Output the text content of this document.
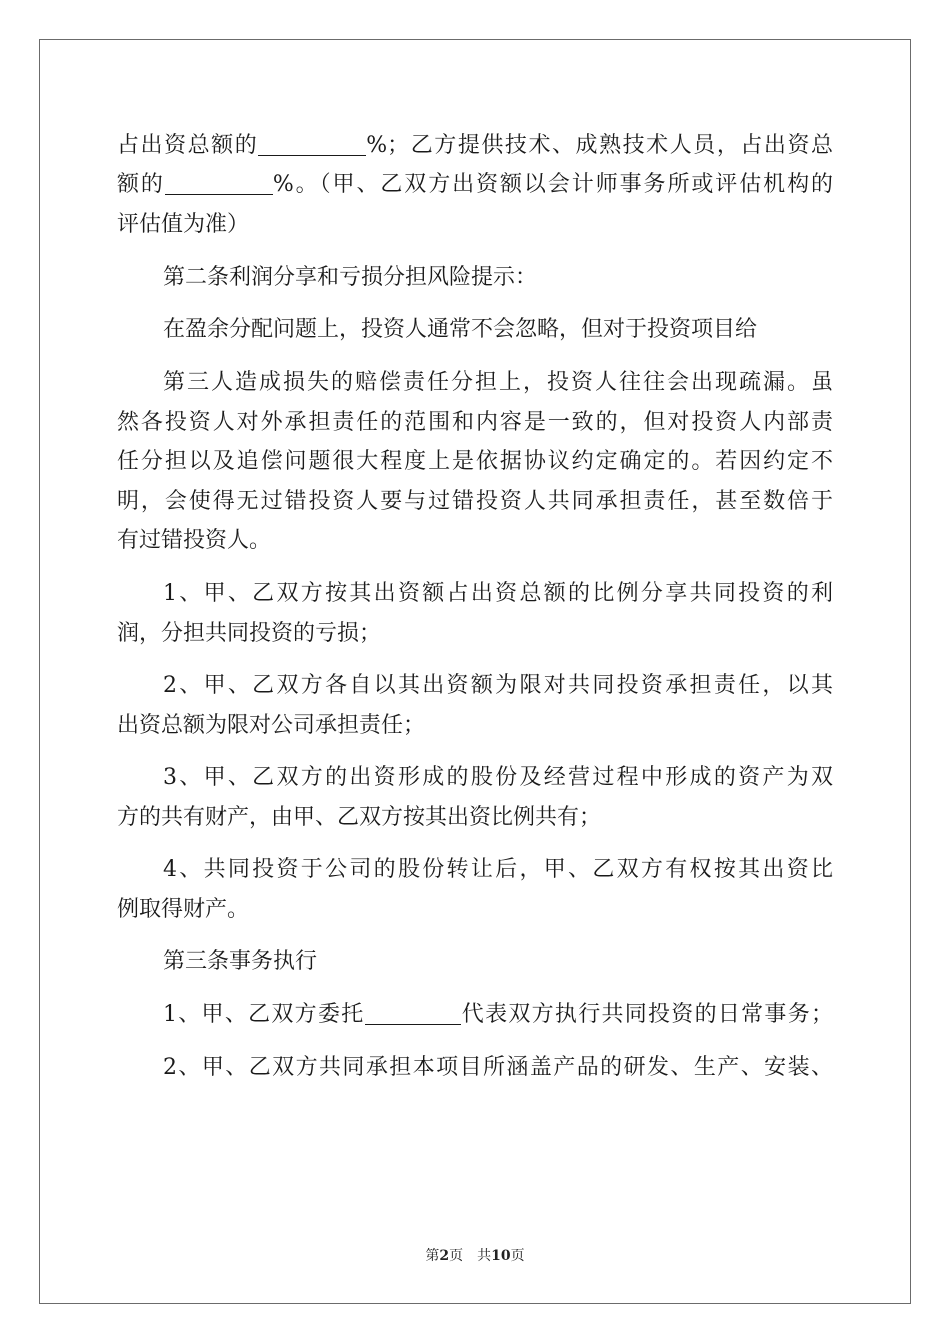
占出资总额的	%；乙方提供技术、成熟技术人员，占出资总
额的	%。（甲、乙双方出资额以会计师事务所或评估机构的
评估值为准）
第二条利润分享和亏损分担风险提示：
在盈余分配问题上，投资人通常不会忽略，但对于投资项目给
第三人造成损失的赔偿责任分担上，投资人往往会出现疏漏。虽
然各投资人对外承担责任的范围和内容是一致的，但对投资人内部责
任分担以及追偿问题很大程度上是依据协议约定确定的。若因约定不
明，会使得无过错投资人要与过错投资人共同承担责任，甚至数倍于
有过错投资人。
1、甲、乙双方按其出资额占出资总额的比例分享共同投资的利
润，分担共同投资的亏损；
2、甲、乙双方各自以其出资额为限对共同投资承担责任，以其
出资总额为限对公司承担责任；
3、甲、乙双方的出资形成的股份及经营过程中形成的资产为双
方的共有财产，由甲、乙双方按其出资比例共有；
4、共同投资于公司的股份转让后，甲、乙双方有权按其出资比
例取得财产。
第三条事务执行
1、甲、乙双方委托	代表双方执行共同投资的日常事务；
2、甲、乙双方共同承担本项目所涵盖产品的研发、生产、安装、
第2页　共10页
